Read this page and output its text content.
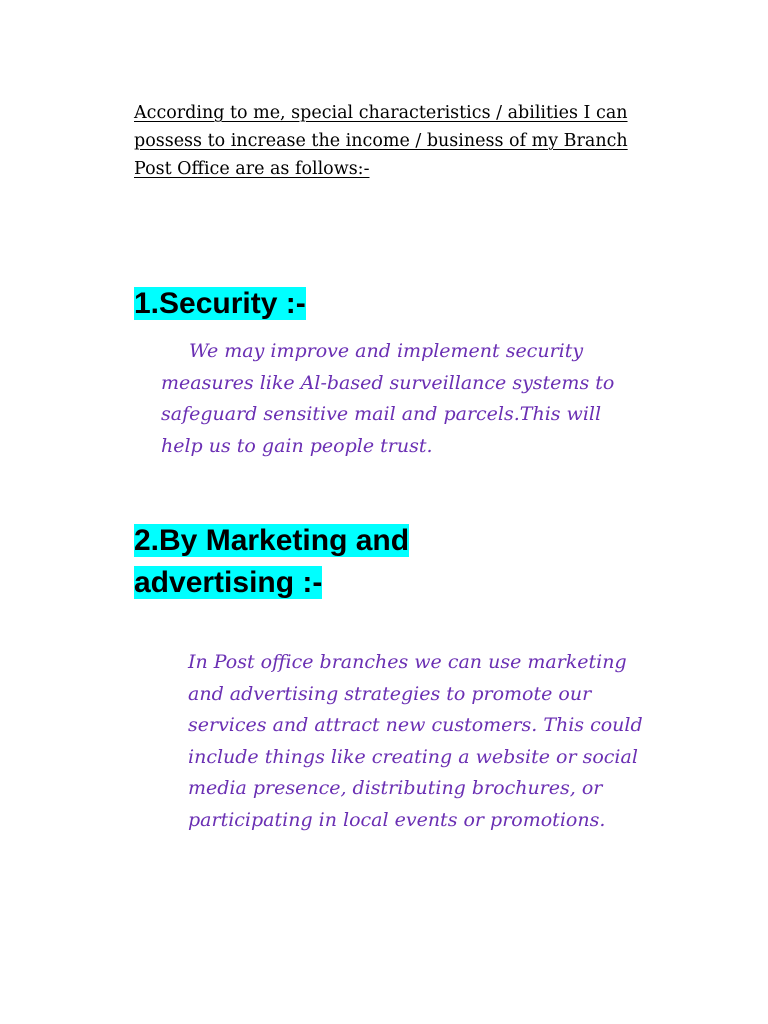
According to me, special characteristics / abilities I can possess to increase the income / business of my Branch Post Office are as follows:-

1.Security :-

We may improve and implement security measures like Al-based surveillance systems to safeguard sensitive mail and parcels.This will help us to gain people trust.

2.By Marketing and advertising :-

In Post office branches we can use marketing and advertising strategies to promote our services and attract new customers. This could include things like creating a website or social media presence, distributing brochures, or participating in local events or promotions.
